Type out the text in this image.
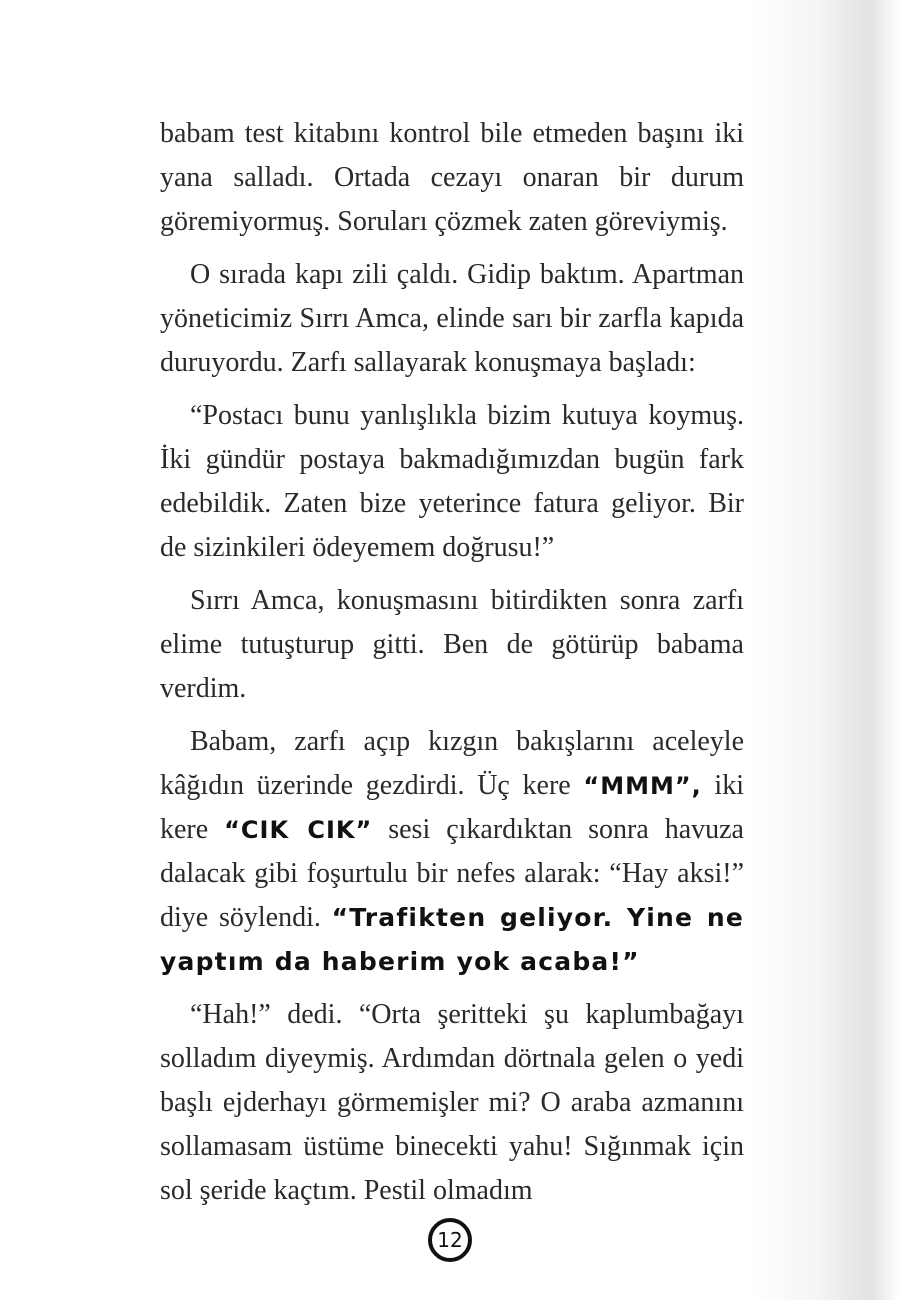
babam test kitabını kontrol bile etmeden başını iki yana salladı. Ortada cezayı onaran bir durum göremiyormuş. Soruları çözmek zaten göreviymiş.

O sırada kapı zili çaldı. Gidip baktım. Apartman yöneticimiz Sırrı Amca, elinde sarı bir zarfla kapıda duruyordu. Zarfı sallayarak konuşmaya başladı:

“Postacı bunu yanlışlıkla bizim kutuya koymuş. İki gündür postaya bakmadığımızdan bugün fark edebildik. Zaten bize yeterince fatura geliyor. Bir de sizinkileri ödeyemem doğrusu!”

Sırrı Amca, konuşmasını bitirdikten sonra zarfı elime tutuşturup gitti. Ben de götürüp babama verdim.

Babam, zarfı açıp kızgın bakışlarını aceleyle kâğıdın üzerinde gezdirdi. Üç kere “MMM”, iki kere “CIK CIK” sesi çıkardıktan sonra havuza dalacak gibi foşurtulu bir nefes alarak: “Hay aksi!” diye söylendi. “Trafikten geliyor. Yine ne yaptım da haberim yok acaba!”

“Hah!” dedi. “Orta şeritteki şu kaplumbağayı solladım diyeymiş. Ardımdan dörtnala gelen o yedi başlı ejderhayı görmemişler mi? O araba azmanını sollamasam üstüme binecekti yahu! Sığınmak için sol şeride kaçtım. Pestil olmadım

12
